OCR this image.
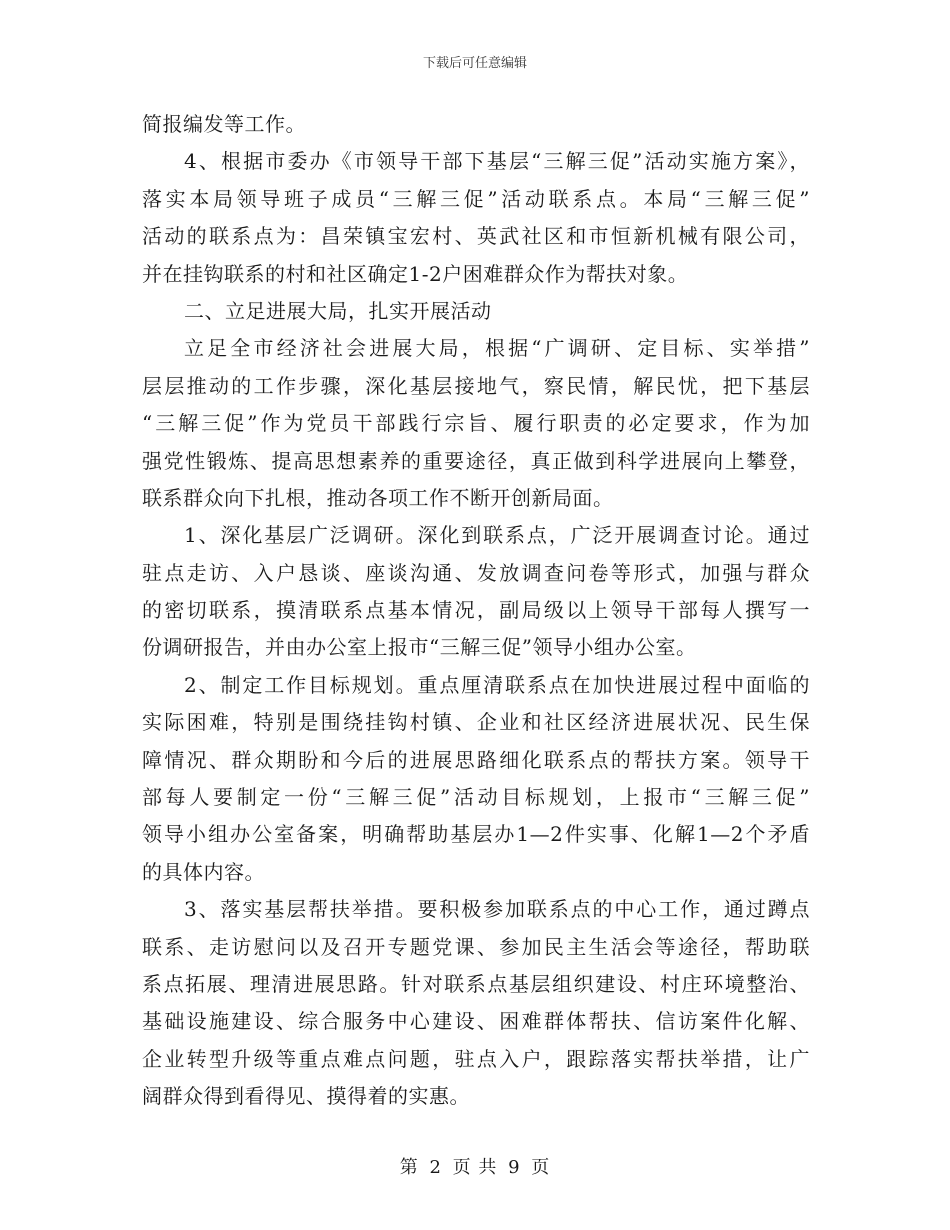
下载后可任意编辑
简报编发等工作。
4、根据市委办《市领导干部下基层“三解三促”活动实施方案》，
落实本局领导班子成员“三解三促”活动联系点。本局“三解三促”
活动的联系点为：昌荣镇宝宏村、英武社区和市恒新机械有限公司，
并在挂钩联系的村和社区确定1-2户困难群众作为帮扶对象。
二、立足进展大局，扎实开展活动
立足全市经济社会进展大局，根据“广调研、定目标、实举措”
层层推动的工作步骤，深化基层接地气，察民情，解民忧，把下基层
“三解三促”作为党员干部践行宗旨、履行职责的必定要求，作为加
强党性锻炼、提高思想素养的重要途径，真正做到科学进展向上攀登，
联系群众向下扎根，推动各项工作不断开创新局面。
1、深化基层广泛调研。深化到联系点，广泛开展调查讨论。通过
驻点走访、入户恳谈、座谈沟通、发放调查问卷等形式，加强与群众
的密切联系，摸清联系点基本情况，副局级以上领导干部每人撰写一
份调研报告，并由办公室上报市“三解三促”领导小组办公室。
2、制定工作目标规划。重点厘清联系点在加快进展过程中面临的
实际困难，特别是围绕挂钩村镇、企业和社区经济进展状况、民生保
障情况、群众期盼和今后的进展思路细化联系点的帮扶方案。领导干
部每人要制定一份“三解三促”活动目标规划，上报市“三解三促”
领导小组办公室备案，明确帮助基层办1—2件实事、化解1—2个矛盾
的具体内容。
3、落实基层帮扶举措。要积极参加联系点的中心工作，通过蹲点
联系、走访慰问以及召开专题党课、参加民主生活会等途径，帮助联
系点拓展、理清进展思路。针对联系点基层组织建设、村庄环境整治、
基础设施建设、综合服务中心建设、困难群体帮扶、信访案件化解、
企业转型升级等重点难点问题，驻点入户，跟踪落实帮扶举措，让广
阔群众得到看得见、摸得着的实惠。
第 2 页 共 9 页
